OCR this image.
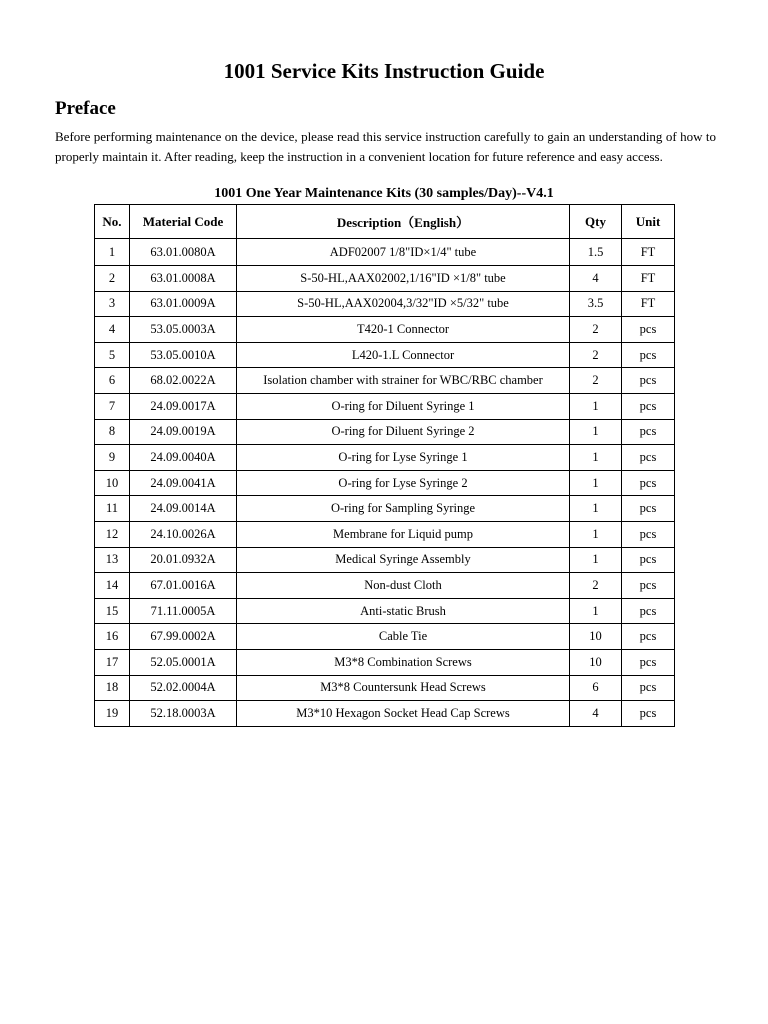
1001 Service Kits Instruction Guide
Preface

Before performing maintenance on the device, please read this service instruction carefully to gain an understanding of how to properly maintain it. After reading, keep the instruction in a convenient location for future reference and easy access.

1001 One Year Maintenance Kits (30 samples/Day)--V4.1
No.	Material Code	Description（English）	Qty	Unit
1	63.01.0080A	ADF02007 1/8"ID×1/4" tube	1.5	FT
2	63.01.0008A	S-50-HL,AAX02002,1/16"ID ×1/8" tube	4	FT
3	63.01.0009A	S-50-HL,AAX02004,3/32"ID ×5/32" tube	3.5	FT
4	53.05.0003A	T420-1 Connector	2	pcs
5	53.05.0010A	L420-1.L Connector	2	pcs
6	68.02.0022A	Isolation chamber with strainer for WBC/RBC chamber	2	pcs
7	24.09.0017A	O-ring for Diluent Syringe 1	1	pcs
8	24.09.0019A	O-ring for Diluent Syringe 2	1	pcs
9	24.09.0040A	O-ring for Lyse Syringe 1	1	pcs
10	24.09.0041A	O-ring for Lyse Syringe 2	1	pcs
11	24.09.0014A	O-ring for Sampling Syringe	1	pcs
12	24.10.0026A	Membrane for Liquid pump	1	pcs
13	20.01.0932A	Medical Syringe Assembly	1	pcs
14	67.01.0016A	Non-dust Cloth	2	pcs
15	71.11.0005A	Anti-static Brush	1	pcs
16	67.99.0002A	Cable Tie	10	pcs
17	52.05.0001A	M3*8 Combination Screws	10	pcs
18	52.02.0004A	M3*8 Countersunk Head Screws	6	pcs
19	52.18.0003A	M3*10 Hexagon Socket Head Cap Screws	4	pcs
